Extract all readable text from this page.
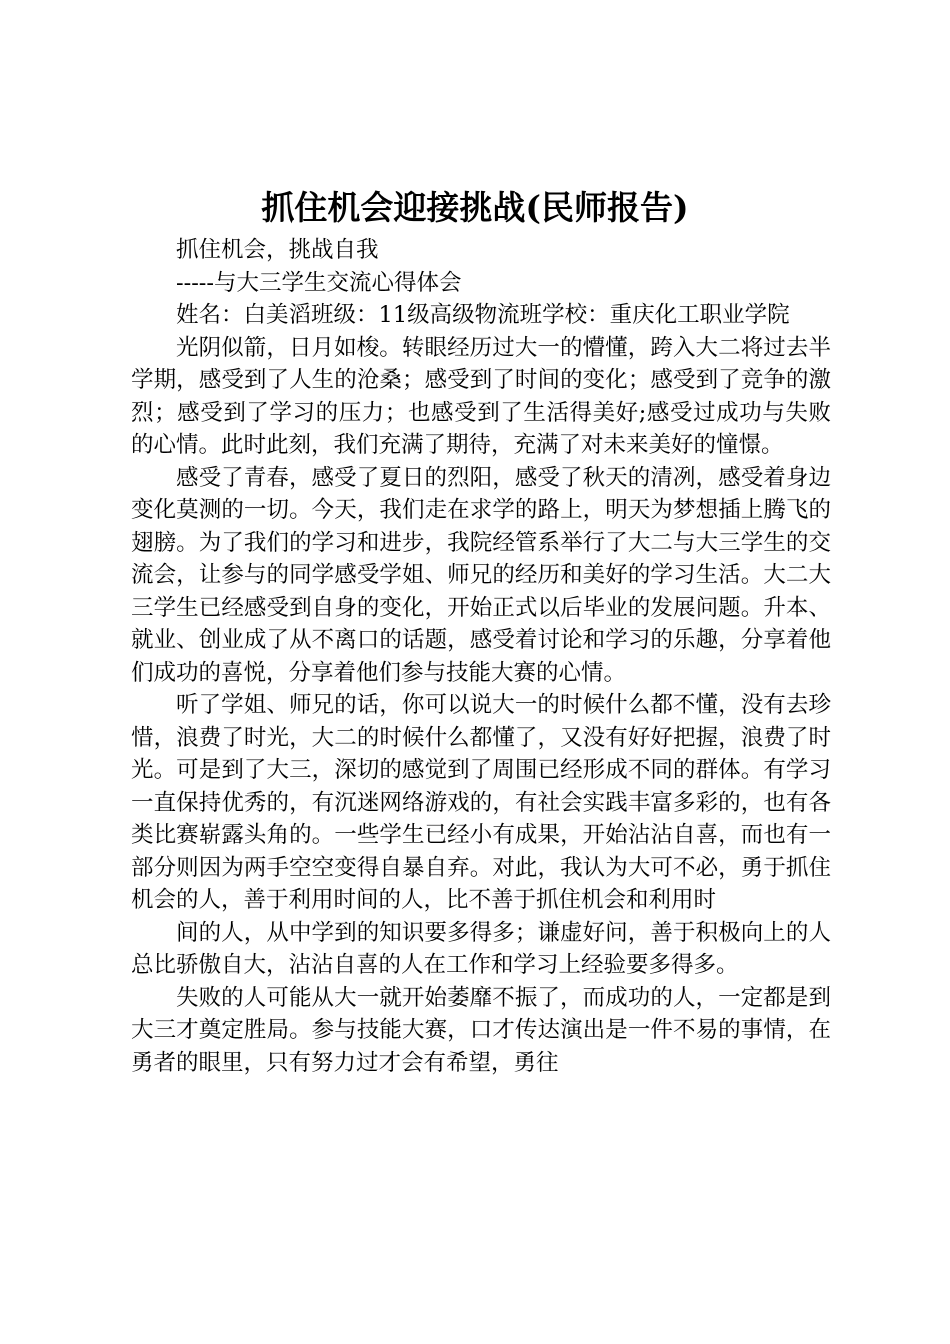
抓住机会迎接挑战(民师报告)

抓住机会，挑战自我

-----与大三学生交流心得体会

姓名：白美滔班级：11级高级物流班学校：重庆化工职业学院

光阴似箭，日月如梭。转眼经历过大一的懵懂，跨入大二将过去半学期，感受到了人生的沧桑；感受到了时间的变化；感受到了竞争的激烈；感受到了学习的压力；也感受到了生活得美好;感受过成功与失败的心情。此时此刻，我们充满了期待，充满了对未来美好的憧憬。

感受了青春，感受了夏日的烈阳，感受了秋天的清冽，感受着身边变化莫测的一切。今天，我们走在求学的路上，明天为梦想插上腾飞的翅膀。为了我们的学习和进步，我院经管系举行了大二与大三学生的交流会，让参与的同学感受学姐、师兄的经历和美好的学习生活。大二大三学生已经感受到自身的变化，开始正式以后毕业的发展问题。升本、就业、创业成了从不离口的话题，感受着讨论和学习的乐趣，分享着他们成功的喜悦，分享着他们参与技能大赛的心情。

听了学姐、师兄的话，你可以说大一的时候什么都不懂，没有去珍惜，浪费了时光，大二的时候什么都懂了，又没有好好把握，浪费了时光。可是到了大三，深切的感觉到了周围已经形成不同的群体。有学习一直保持优秀的，有沉迷网络游戏的，有社会实践丰富多彩的，也有各类比赛崭露头角的。一些学生已经小有成果，开始沾沾自喜，而也有一部分则因为两手空空变得自暴自弃。对此，我认为大可不必，勇于抓住机会的人，善于利用时间的人，比不善于抓住机会和利用时

间的人，从中学到的知识要多得多；谦虚好问，善于积极向上的人总比骄傲自大，沾沾自喜的人在工作和学习上经验要多得多。

失败的人可能从大一就开始萎靡不振了，而成功的人，一定都是到大三才奠定胜局。参与技能大赛，口才传达演出是一件不易的事情，在勇者的眼里，只有努力过才会有希望，勇往
